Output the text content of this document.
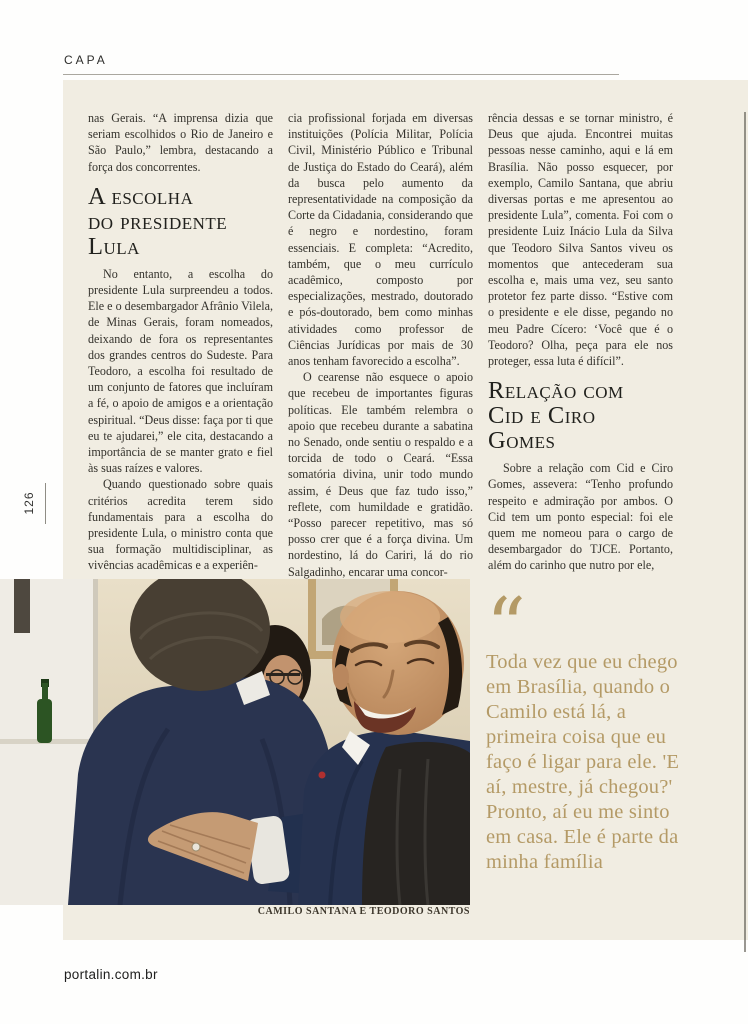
CAPA

nas Gerais. “A imprensa dizia que seriam escolhidos o Rio de Janeiro e São Paulo,” lembra, destacando a força dos concorrentes.

A escolha
do presidente
Lula

No entanto, a escolha do presidente Lula surpreendeu a todos. Ele e o desembargador Afrânio Vilela, de Minas Gerais, foram nomeados, deixando de fora os representantes dos grandes centros do Sudeste. Para Teodoro, a escolha foi resultado de um conjunto de fatores que incluíram a fé, o apoio de amigos e a orientação espiritual. “Deus disse: faça por ti que eu te ajudarei,” ele cita, destacando a importância de se manter grato e fiel às suas raízes e valores.

Quando questionado sobre quais critérios acredita terem sido fundamentais para a escolha do presidente Lula, o ministro conta que sua formação multidisciplinar, as vivências acadêmicas e a experiên-

cia profissional forjada em diversas instituições (Polícia Militar, Polícia Civil, Ministério Público e Tribunal de Justiça do Estado do Ceará), além da busca pelo aumento da representatividade na composição da Corte da Cidadania, considerando que é negro e nordestino, foram essenciais. E completa: “Acredito, também, que o meu currículo acadêmico, composto por especializações, mestrado, doutorado e pós-doutorado, bem como minhas atividades como professor de Ciências Jurídicas por mais de 30 anos tenham favorecido a escolha”.

O cearense não esquece o apoio que recebeu de importantes figuras políticas. Ele também relembra o apoio que recebeu durante a sabatina no Senado, onde sentiu o respaldo e a torcida de todo o Ceará. “Essa somatória divina, unir todo mundo assim, é Deus que faz tudo isso,” reflete, com humildade e gratidão. “Posso parecer repetitivo, mas só posso crer que é a força divina. Um nordestino, lá do Cariri, lá do rio Salgadinho, encarar uma concor-

rência dessas e se tornar ministro, é Deus que ajuda. Encontrei muitas pessoas nesse caminho, aqui e lá em Brasília. Não posso esquecer, por exemplo, Camilo Santana, que abriu diversas portas e me apresentou ao presidente Lula”, comenta. Foi com o presidente Luiz Inácio Lula da Silva que Teodoro Silva Santos viveu os momentos que antecederam sua escolha e, mais uma vez, seu santo protetor fez parte disso. “Estive com o presidente e ele disse, pegando no meu Padre Cícero: ‘Você que é o Teodoro? Olha, peça para ele nos proteger, essa luta é difícil”.

Relação com
Cid e Ciro
Gomes

Sobre a relação com Cid e Ciro Gomes, assevera: “Tenho profundo respeito e admiração por ambos. O Cid tem um ponto especial: foi ele quem me nomeou para o cargo de desembargador do TJCE. Portanto, além do carinho que nutro por ele,

CAMILO SANTANA E TEODORO SANTOS
“
Toda vez que eu chego em Brasília, quando o Camilo está lá, a primeira coisa que eu faço é ligar para ele. 'E aí, mestre, já chegou?' Pronto, aí eu me sinto em casa. Ele é parte da minha família
126
portalin.com.br
